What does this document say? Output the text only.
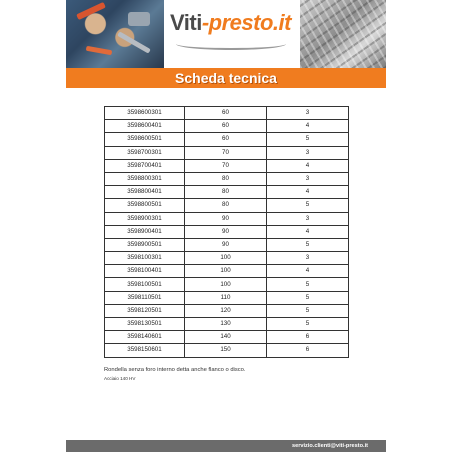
Viti-presto.it
Scheda tecnica
3598600301	60	3
3598600401	60	4
3598600501	60	5
3598700301	70	3
3598700401	70	4
3598800301	80	3
3598800401	80	4
3598800501	80	5
3598900301	90	3
3598900401	90	4
3598900501	90	5
3598100301	100	3
3598100401	100	4
3598100501	100	5
3598110501	110	5
3598120501	120	5
3598130501	130	5
3598140601	140	6
3598150601	150	6
Rondella senza foro interno detta anche flanco o disco.
Acciaio 140 HV
servizio.clienti@viti-presto.it
